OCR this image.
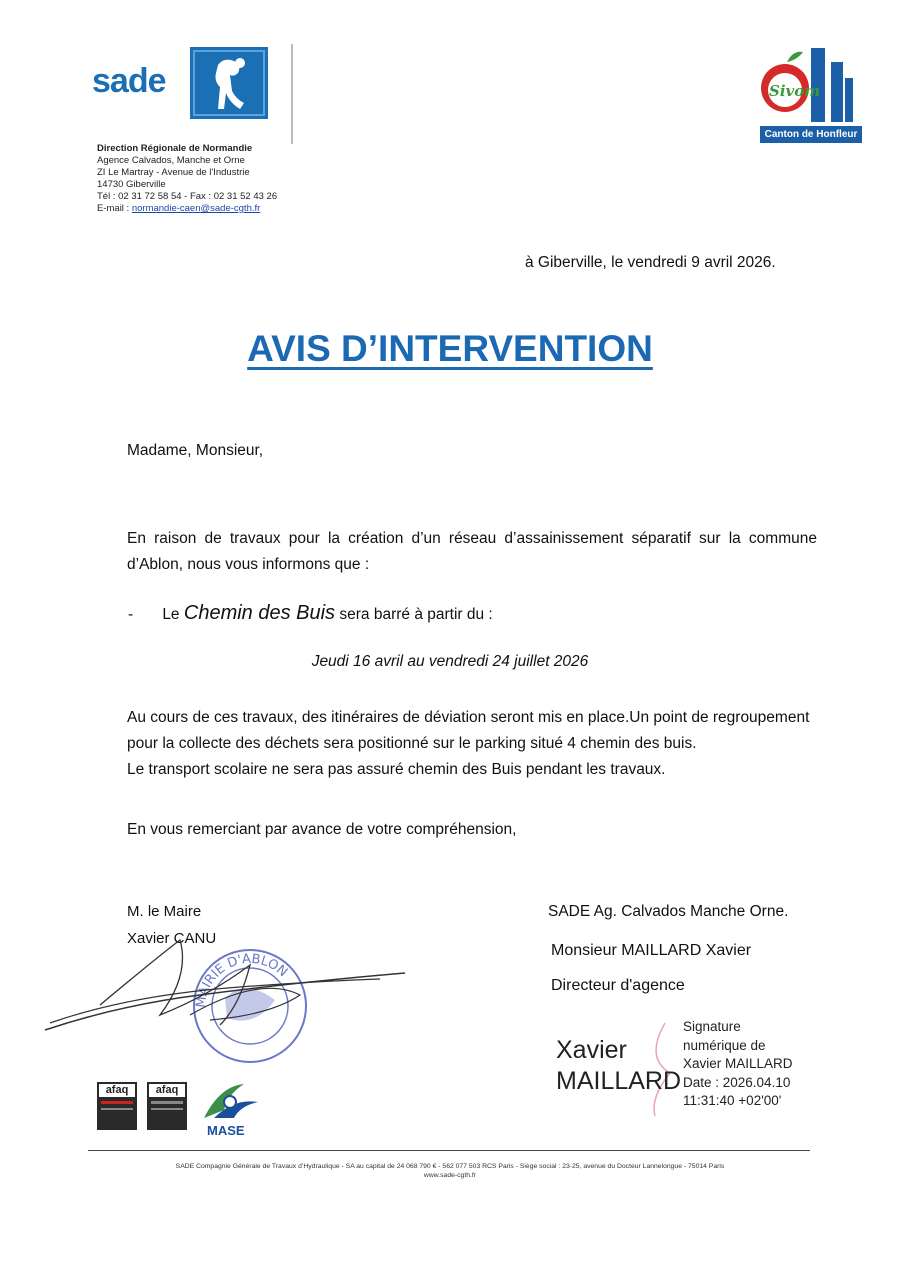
sade
Direction Régionale de Normandie
Agence Calvados, Manche et Orne
ZI Le Martray - Avenue de l'Industrie
14730 Giberville
Tél : 02 31 72 58 54 - Fax : 02 31 52 43 26
E-mail : normandie-caen@sade-cgth.fr
Sivom
Canton de Honfleur
à Giberville, le vendredi 9 avril 2026.
AVIS D’INTERVENTION
Madame, Monsieur,
En raison de travaux pour la création d’un réseau d’assainissement séparatif sur la commune d’Ablon, nous vous informons que :
- Le Chemin des Buis sera barré à partir du :
Jeudi 16 avril au vendredi 24 juillet 2026
Au cours de ces travaux, des itinéraires de déviation seront mis en place.Un point de regroupement
pour la collecte des déchets sera positionné sur le parking situé 4 chemin des buis.
Le transport scolaire ne sera pas assuré chemin des Buis pendant les travaux.
En vous remerciant par avance de votre compréhension,
M. le Maire
Xavier CANU
MAIRIE D'ABLON
SADE Ag. Calvados Manche Orne.
Monsieur MAILLARD Xavier
Directeur d'agence
Xavier
MAILLARD
Signature
numérique de
Xavier MAILLARD
Date : 2026.04.10
11:31:40 +02'00'
afaq	afaq
MASE
SADE Compagnie Générale de Travaux d’Hydraulique - SA au capital de 24 068 790 € - 562 077 503 RCS Paris - Siège social : 23-25, avenue du Docteur Lannelongue - 75014 Paris
www.sade-cgth.fr
